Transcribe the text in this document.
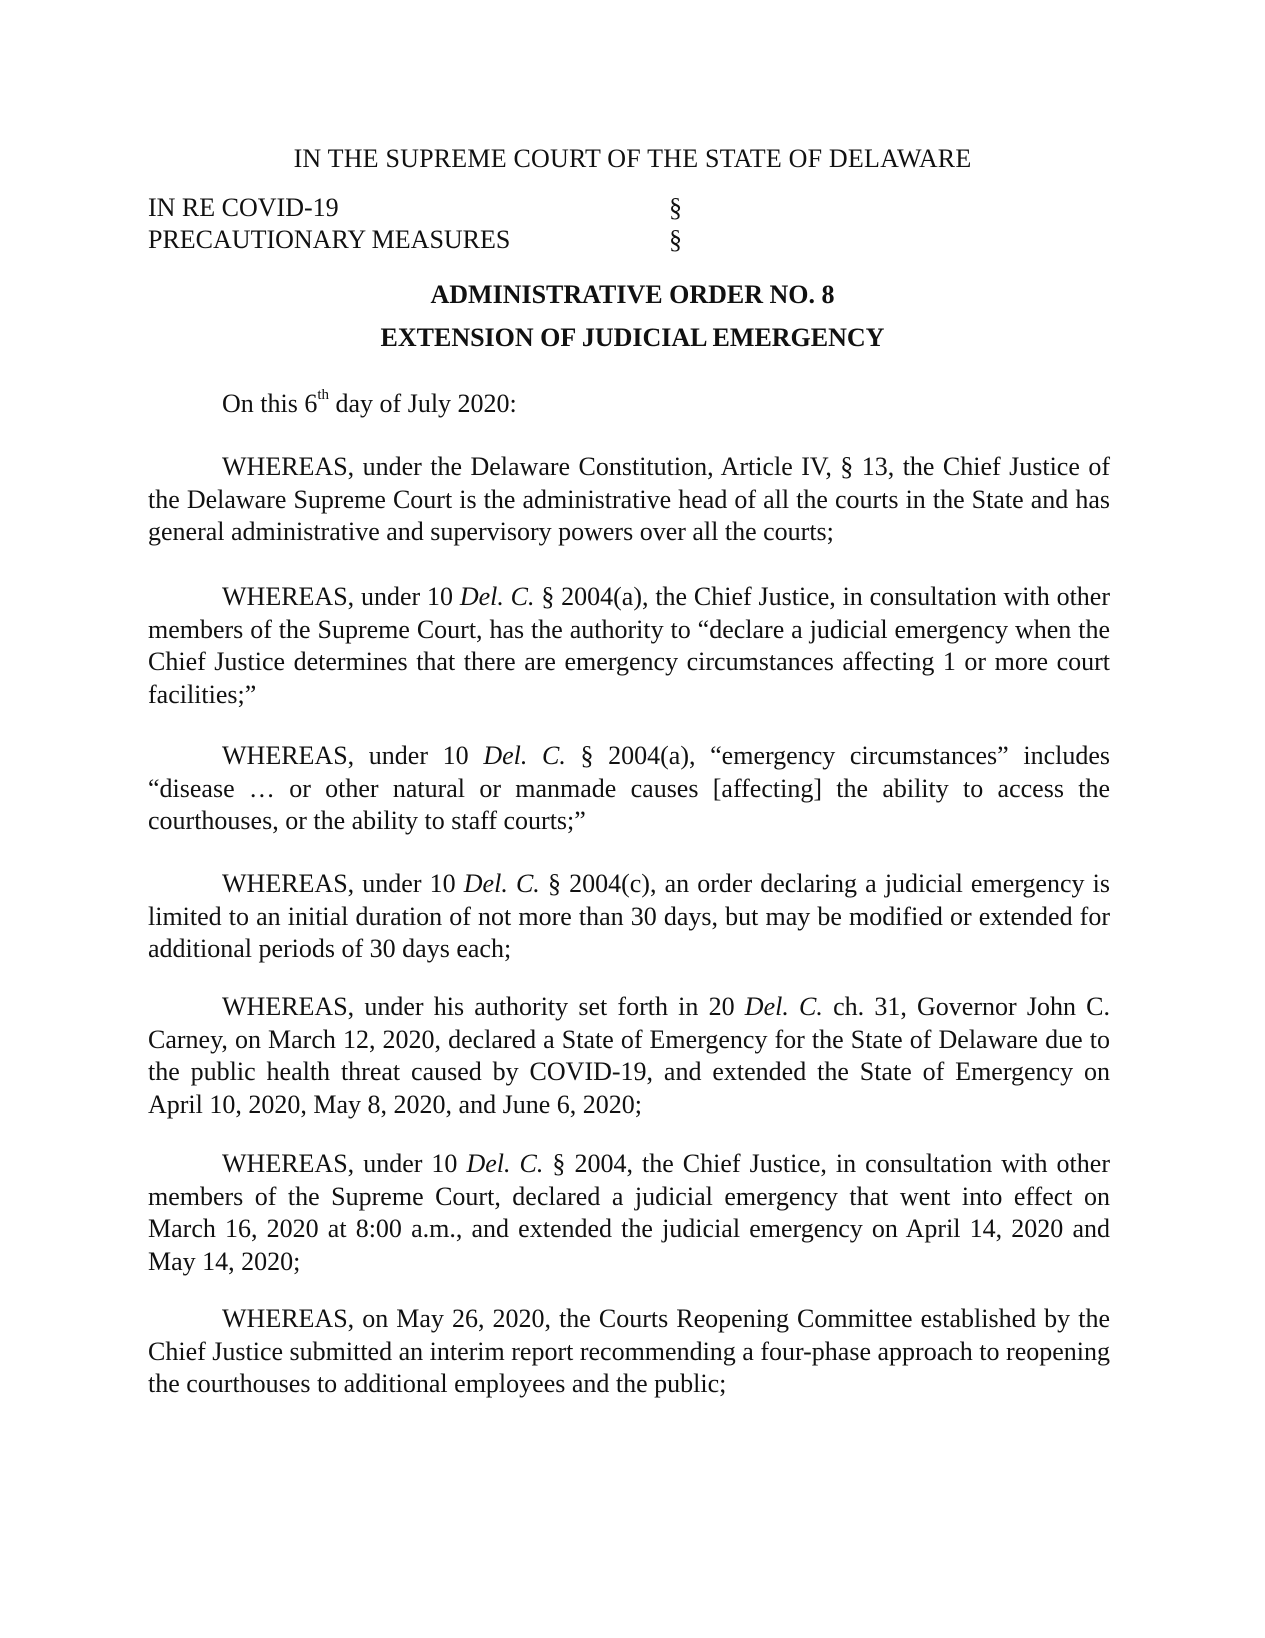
IN THE SUPREME COURT OF THE STATE OF DELAWARE
IN RE COVID-19	§
PRECAUTIONARY MEASURES	§
ADMINISTRATIVE ORDER NO. 8
EXTENSION OF JUDICIAL EMERGENCY
On this 6th day of July 2020:

WHEREAS, under the Delaware Constitution, Article IV, § 13, the Chief Justice of the Delaware Supreme Court is the administrative head of all the courts in the State and has general administrative and supervisory powers over all the courts;

WHEREAS, under 10 Del. C. § 2004(a), the Chief Justice, in consultation with other members of the Supreme Court, has the authority to “declare a judicial emergency when the Chief Justice determines that there are emergency circumstances affecting 1 or more court facilities;”

WHEREAS, under 10 Del. C. § 2004(a), “emergency circumstances” includes “disease … or other natural or manmade causes [affecting] the ability to access the courthouses, or the ability to staff courts;”

WHEREAS, under 10 Del. C. § 2004(c), an order declaring a judicial emergency is limited to an initial duration of not more than 30 days, but may be modified or extended for additional periods of 30 days each;

WHEREAS, under his authority set forth in 20 Del. C. ch. 31, Governor John C. Carney, on March 12, 2020, declared a State of Emergency for the State of Delaware due to the public health threat caused by COVID-19, and extended the State of Emergency on April 10, 2020, May 8, 2020, and June 6, 2020;

WHEREAS, under 10 Del. C. § 2004, the Chief Justice, in consultation with other members of the Supreme Court, declared a judicial emergency that went into effect on March 16, 2020 at 8:00 a.m., and extended the judicial emergency on April 14, 2020 and May 14, 2020;

WHEREAS, on May 26, 2020, the Courts Reopening Committee established by the Chief Justice submitted an interim report recommending a four-phase approach to reopening the courthouses to additional employees and the public;
